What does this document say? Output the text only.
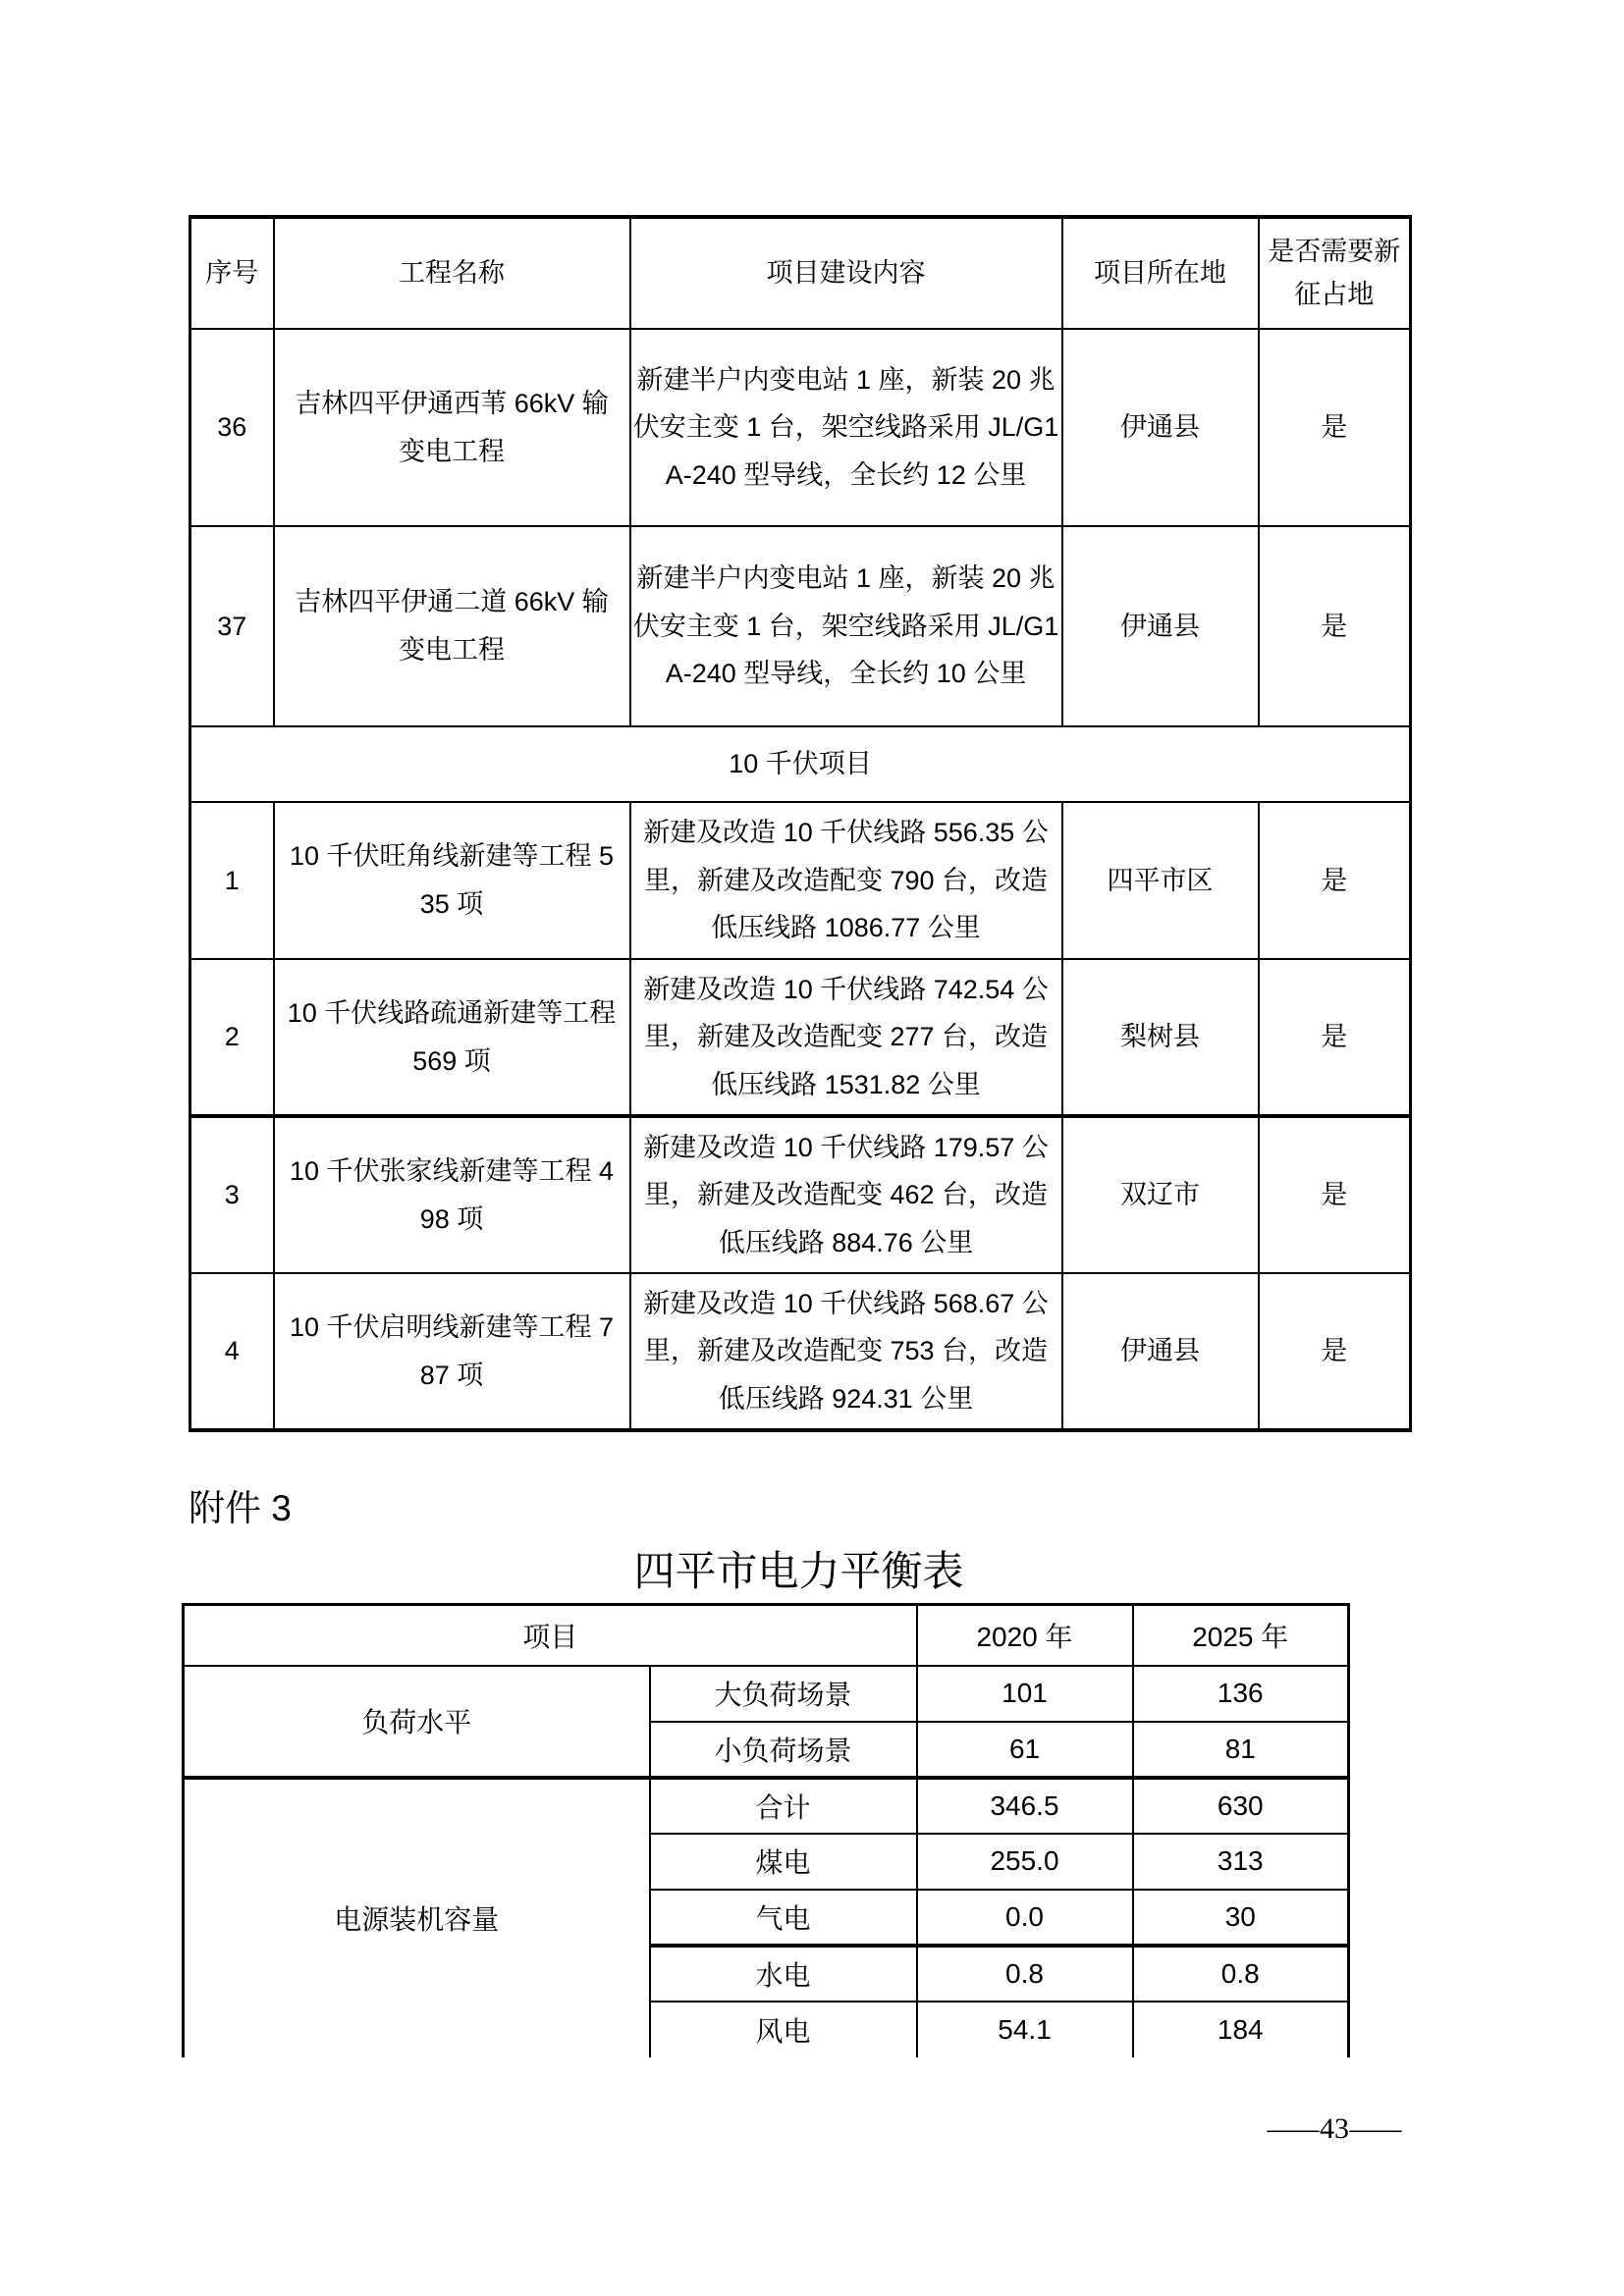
序号	工程名称	项目建设内容	项目所在地	是否需要新征占地
36	吉林四平伊通西苇 66kV 输变电工程	新建半户内变电站 1 座，新装 20 兆伏安主变 1 台，架空线路采用 JL/G1A-240 型导线，全长约 12 公里	伊通县	是
37	吉林四平伊通二道 66kV 输变电工程	新建半户内变电站 1 座，新装 20 兆伏安主变 1 台，架空线路采用 JL/G1A-240 型导线，全长约 10 公里	伊通县	是
10 千伏项目				
1	10 千伏旺角线新建等工程 535 项	新建及改造 10 千伏线路 556.35 公里，新建及改造配变 790 台，改造低压线路 1086.77 公里	四平市区	是
2	10 千伏线路疏通新建等工程 569 项	新建及改造 10 千伏线路 742.54 公里，新建及改造配变 277 台，改造低压线路 1531.82 公里	梨树县	是
3	10 千伏张家线新建等工程 498 项	新建及改造 10 千伏线路 179.57 公里，新建及改造配变 462 台，改造低压线路 884.76 公里	双辽市	是
4	10 千伏启明线新建等工程 787 项	新建及改造 10 千伏线路 568.67 公里，新建及改造配变 753 台，改造低压线路 924.31 公里	伊通县	是
附件 3
四平市电力平衡表
项目		2020 年	2025 年
负荷水平	大负荷场景	101	136
	小负荷场景	61	81
电源装机容量	合计	346.5	630
	煤电	255.0	313
	气电	0.0	30
	水电	0.8	0.8
	风电	54.1	184
—43—
